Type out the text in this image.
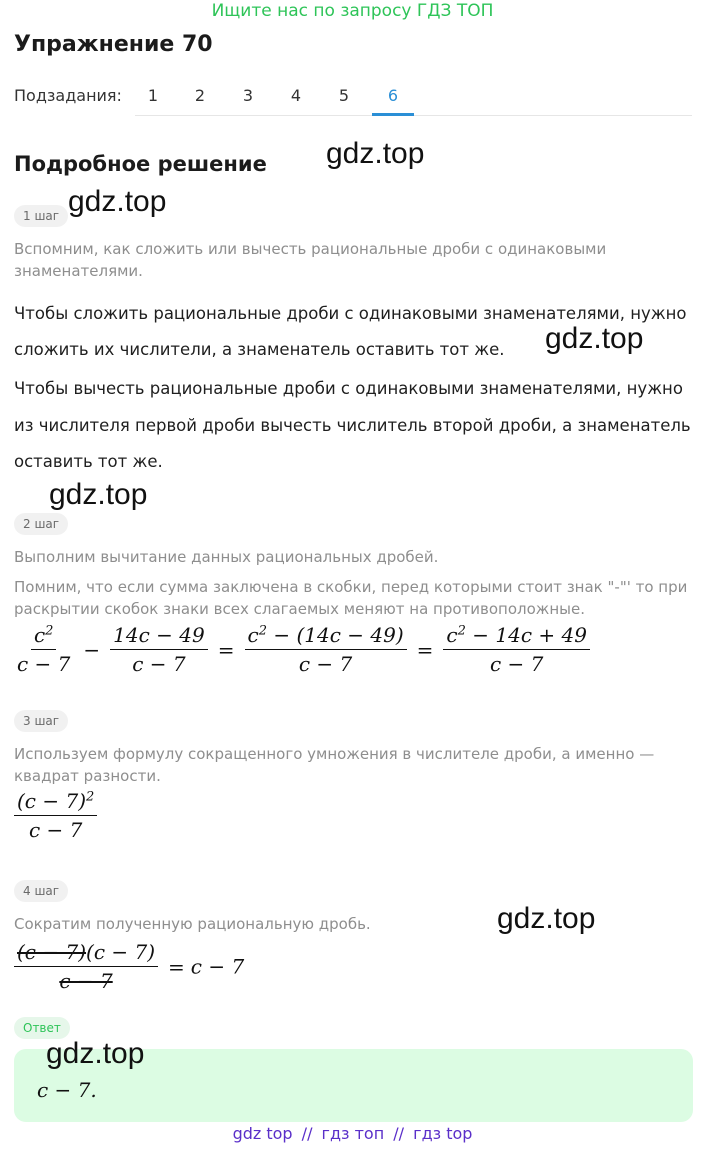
Ищите нас по запросу ГДЗ ТОП
Упражнение 70
Подзадания:	1	2	3	4	5	6
Подробное решение gdz.top
gdz.top
gdz.top
gdz.top
gdz.top
gdz.top
1 шаг
Вспомним, как сложить или вычесть рациональные дроби с одинаковыми знаменателями.
Чтобы сложить рациональные дроби с одинаковыми знаменателями, нужно сложить их числители, а знаменатель оставить тот же.
Чтобы вычесть рациональные дроби с одинаковыми знаменателями, нужно из числителя первой дроби вычесть числитель второй дроби, а знаменатель оставить тот же.
2 шаг
Выполним вычитание данных рациональных дробей.
Помним, что если сумма заключена в скобки, перед которыми стоит знак "-"' то при раскрытии скобок знаки всех слагаемых меняют на противоположные.
$\frac{c^2}{c - 7} - \frac{14c - 49}{c - 7} = \frac{c^2 - (14c - 49)}{c - 7} = \frac{c^2 - 14c + 49}{c - 7}$
3 шаг
Используем формулу сокращенного умножения в числителе дроби, а именно — квадрат разности.
$\frac{(c - 7)^2}{c - 7}$
4 шаг
Сократим полученную рациональную дробь.
$\frac{(c - 7)(c - 7)}{c - 7} = c - 7$
Ответ
c − 7.
gdz top // гдз топ // гдз top
